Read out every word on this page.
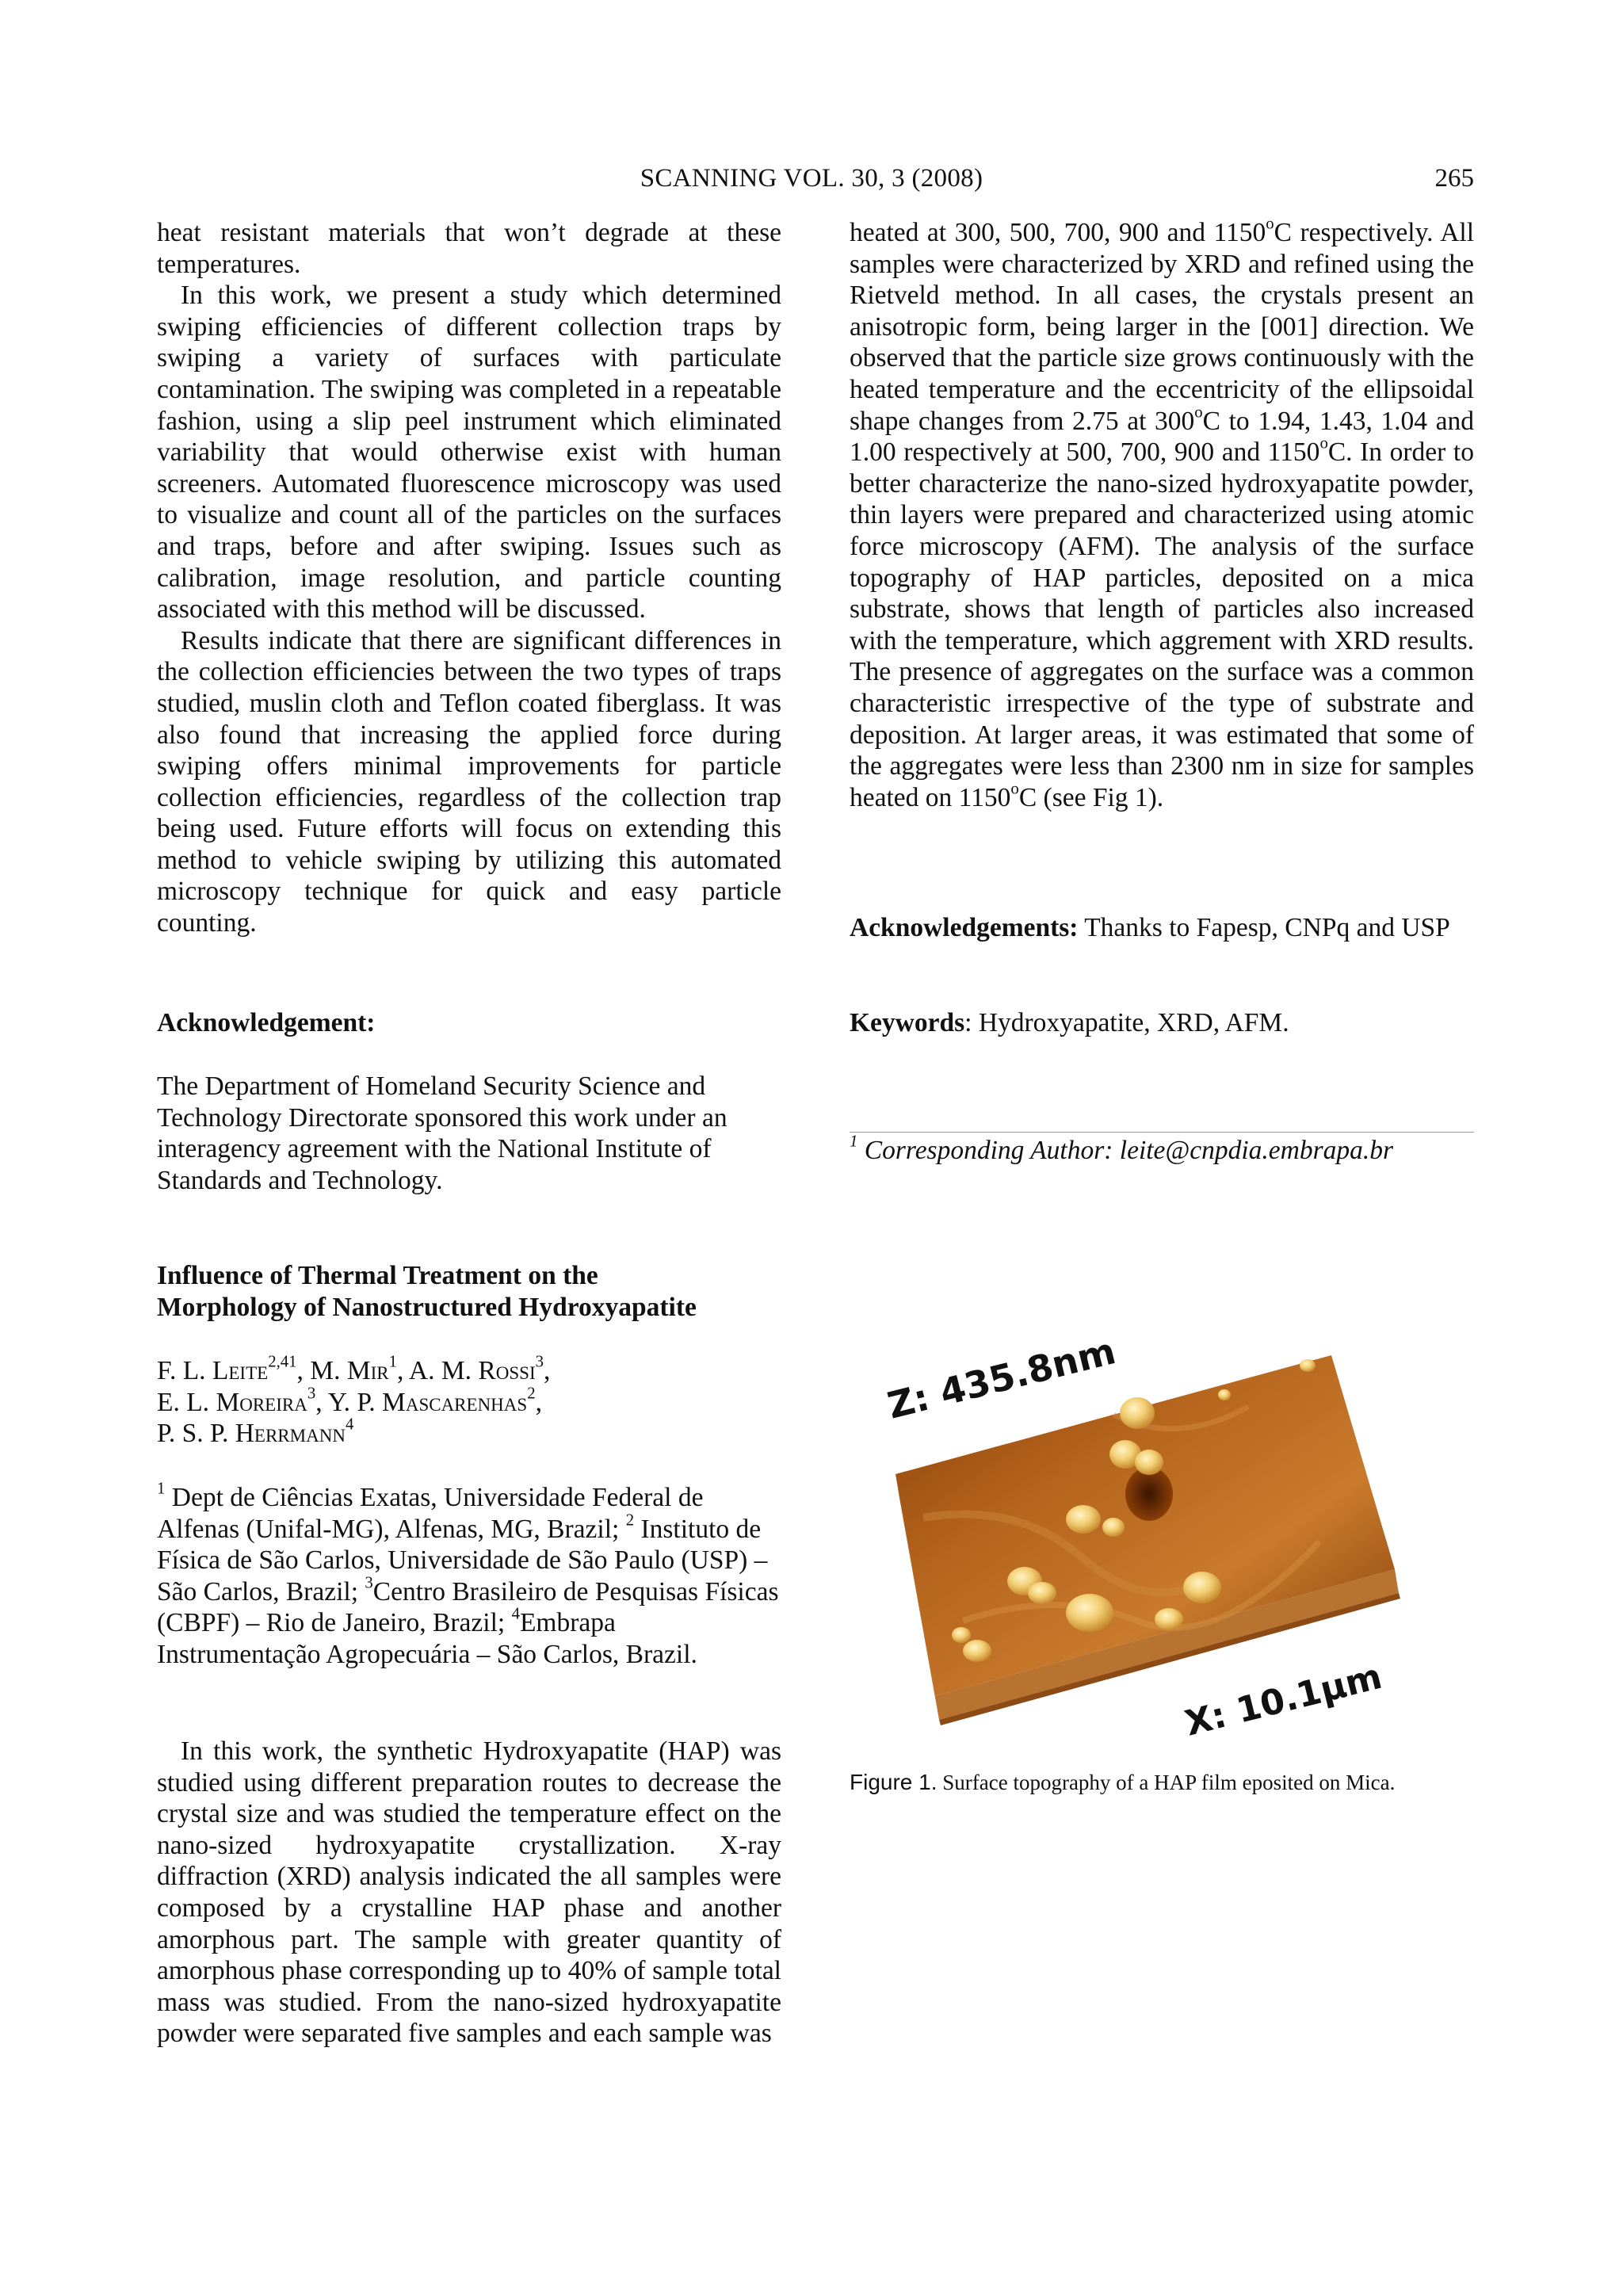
SCANNING VOL. 30, 3 (2008)	265

heat resistant materials that won’t degrade at these temperatures.

In this work, we present a study which determined swiping efficiencies of different collection traps by swiping a variety of surfaces with particulate contamination. The swiping was completed in a repeatable fashion, using a slip peel instrument which eliminated variability that would otherwise exist with human screeners. Automated fluorescence microscopy was used to visualize and count all of the particles on the surfaces and traps, before and after swiping. Issues such as calibration, image resolution, and particle counting associated with this method will be discussed.

Results indicate that there are significant differences in the collection efficiencies between the two types of traps studied, muslin cloth and Teflon coated fiberglass. It was also found that increasing the applied force during swiping offers minimal improvements for particle collection efficiencies, regardless of the collection trap being used. Future efforts will focus on extending this method to vehicle swiping by utilizing this automated microscopy technique for quick and easy particle counting.

Acknowledgement:
The Department of Homeland Security Science and Technology Directorate sponsored this work under an interagency agreement with the National Institute of Standards and Technology.
Influence of Thermal Treatment on the
Morphology of Nanostructured Hydroxyapatite
F. L. Leite$^{2,41}$, M. Mir$^1$, A. M. Rossi$^3$,
E. L. Moreira$^3$, Y. P. Mascarenhas$^2$,
P. S. P. Herrmann$^4$
$^1$ Dept de Ciências Exatas, Universidade Federal de Alfenas (Unifal-MG), Alfenas, MG, Brazil; $^2$ Instituto de Física de São Carlos, Universidade de São Paulo (USP) – São Carlos, Brazil; $^3$Centro Brasileiro de Pesquisas Físicas (CBPF) – Rio de Janeiro, Brazil; $^4$Embrapa Instrumentação Agropecuária – São Carlos, Brazil.

In this work, the synthetic Hydroxyapatite (HAP) was studied using different preparation routes to decrease the crystal size and was studied the temperature effect on the nano-sized hydroxyapatite crystallization. X-ray diffraction (XRD) analysis indicated the all samples were composed by a crystalline HAP phase and another amorphous part. The sample with greater quantity of amorphous phase corresponding up to 40% of sample total mass was studied. From the nano-sized hydroxyapatite powder were separated five samples and each sample was

heated at 300, 500, 700, 900 and 1150$^o$C respectively. All samples were characterized by XRD and refined using the Rietveld method. In all cases, the crystals present an anisotropic form, being larger in the [001] direction. We observed that the particle size grows continuously with the heated temperature and the eccentricity of the ellipsoidal shape changes from 2.75 at 300$^o$C to 1.94, 1.43, 1.04 and 1.00 respectively at 500, 700, 900 and 1150$^o$C. In order to better characterize the nano-sized hydroxyapatite powder, thin layers were prepared and characterized using atomic force microscopy (AFM). The analysis of the surface topography of HAP particles, deposited on a mica substrate, shows that length of particles also increased with the temperature, which aggrement with XRD results. The presence of aggregates on the surface was a common characteristic irrespective of the type of substrate and deposition. At larger areas, it was estimated that some of the aggregates were less than 2300 nm in size for samples heated on 1150$^o$C (see Fig 1).

Acknowledgements: Thanks to Fapesp, CNPq and USP
Keywords: Hydroxyapatite, XRD, AFM.
$^1$ Corresponding Author: leite@cnpdia.embrapa.br
Z: 435.8nm
X: 10.1µm
Figure 1. Surface topography of a HAP film eposited on Mica.
